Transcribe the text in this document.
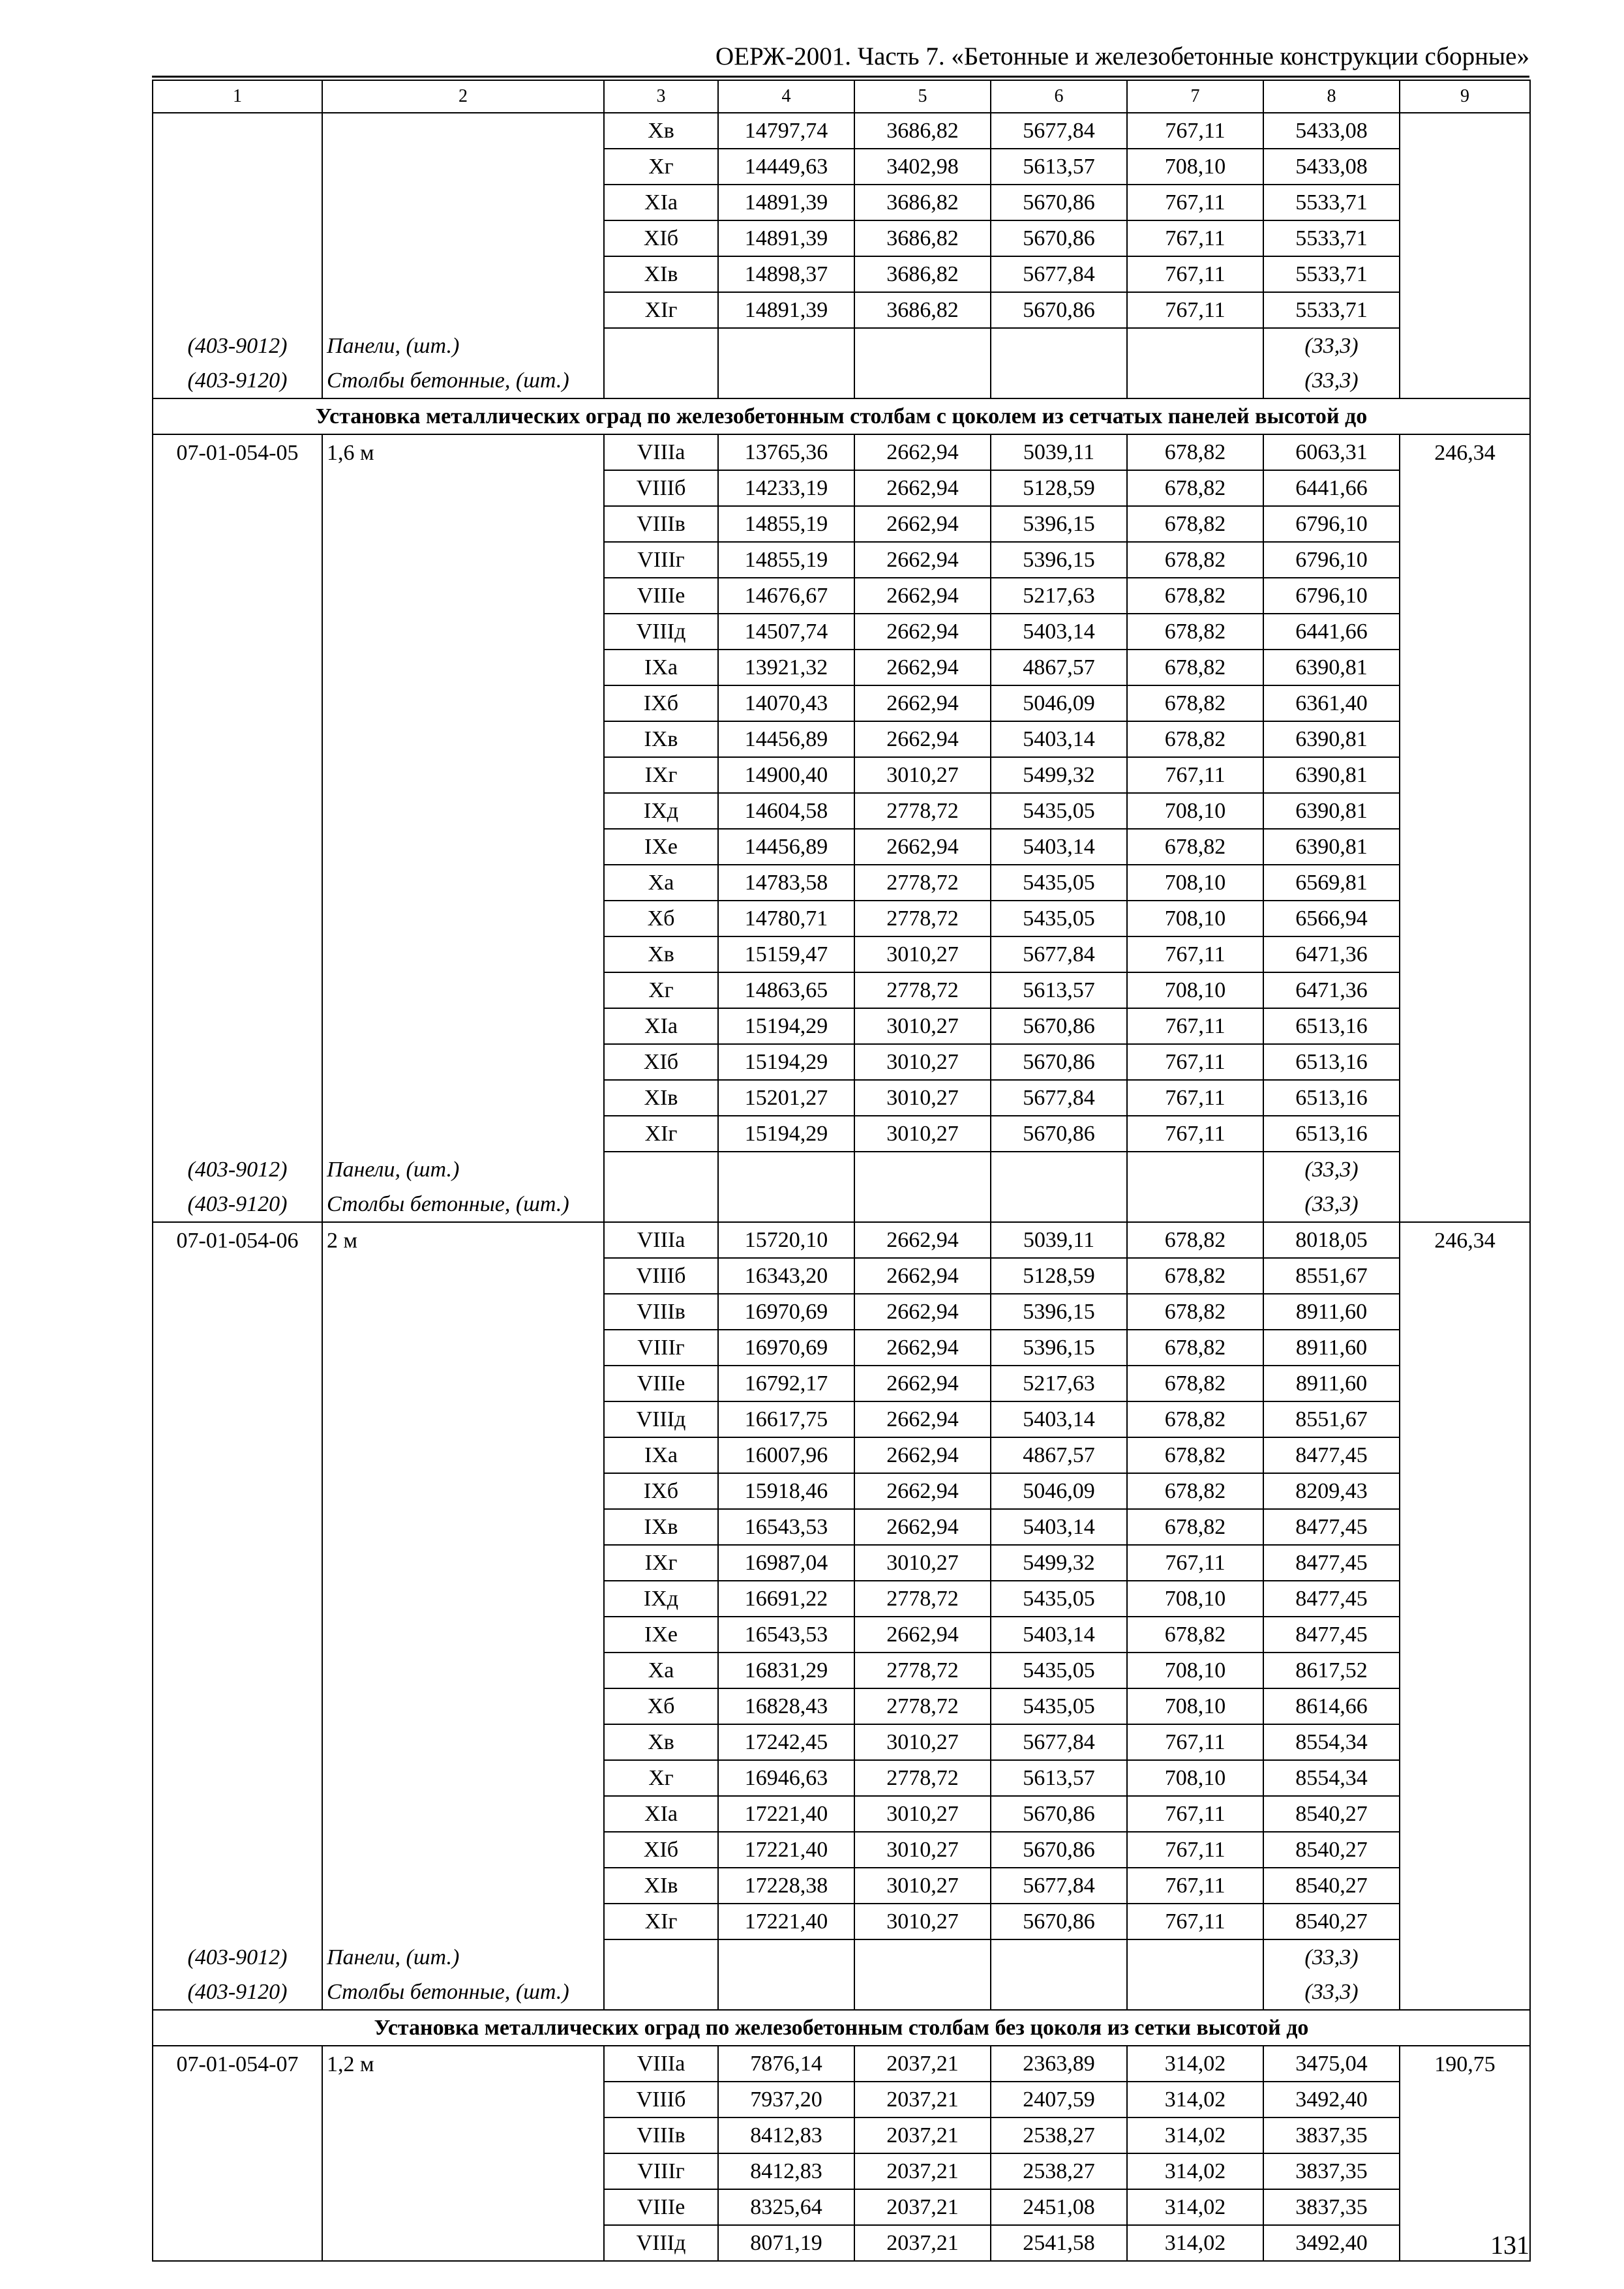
ОЕРЖ-2001. Часть 7. «Бетонные и железобетонные конструкции сборные»
1	2	3	4	5	6	7	8	9
		Хв	14797,74	3686,82	5677,84	767,11	5433,08	
		Хг	14449,63	3402,98	5613,57	708,10	5433,08	
		ХIа	14891,39	3686,82	5670,86	767,11	5533,71	
		ХIб	14891,39	3686,82	5670,86	767,11	5533,71	
		ХIв	14898,37	3686,82	5677,84	767,11	5533,71	
		ХIг	14891,39	3686,82	5670,86	767,11	5533,71	
(403-9012)	Панели, (шт.)						(33,3)	
(403-9120)	Столбы бетонные, (шт.)						(33,3)	
Установка металлических оград по железобетонным столбам с цоколем из сетчатых панелей высотой до								
07-01-054-05	1,6 м	VIIIа	13765,36	2662,94	5039,11	678,82	6063,31	246,34
		VIIIб	14233,19	2662,94	5128,59	678,82	6441,66	
		VIIIв	14855,19	2662,94	5396,15	678,82	6796,10	
		VIIIг	14855,19	2662,94	5396,15	678,82	6796,10	
		VIIIе	14676,67	2662,94	5217,63	678,82	6796,10	
		VIIIд	14507,74	2662,94	5403,14	678,82	6441,66	
		IХа	13921,32	2662,94	4867,57	678,82	6390,81	
		IХб	14070,43	2662,94	5046,09	678,82	6361,40	
		IХв	14456,89	2662,94	5403,14	678,82	6390,81	
		IХг	14900,40	3010,27	5499,32	767,11	6390,81	
		IХд	14604,58	2778,72	5435,05	708,10	6390,81	
		IХе	14456,89	2662,94	5403,14	678,82	6390,81	
		Ха	14783,58	2778,72	5435,05	708,10	6569,81	
		Хб	14780,71	2778,72	5435,05	708,10	6566,94	
		Хв	15159,47	3010,27	5677,84	767,11	6471,36	
		Хг	14863,65	2778,72	5613,57	708,10	6471,36	
		ХIа	15194,29	3010,27	5670,86	767,11	6513,16	
		ХIб	15194,29	3010,27	5670,86	767,11	6513,16	
		ХIв	15201,27	3010,27	5677,84	767,11	6513,16	
		ХIг	15194,29	3010,27	5670,86	767,11	6513,16	
(403-9012)	Панели, (шт.)						(33,3)	
(403-9120)	Столбы бетонные, (шт.)						(33,3)	
07-01-054-06	2 м	VIIIа	15720,10	2662,94	5039,11	678,82	8018,05	246,34
		VIIIб	16343,20	2662,94	5128,59	678,82	8551,67	
		VIIIв	16970,69	2662,94	5396,15	678,82	8911,60	
		VIIIг	16970,69	2662,94	5396,15	678,82	8911,60	
		VIIIе	16792,17	2662,94	5217,63	678,82	8911,60	
		VIIIд	16617,75	2662,94	5403,14	678,82	8551,67	
		IХа	16007,96	2662,94	4867,57	678,82	8477,45	
		IХб	15918,46	2662,94	5046,09	678,82	8209,43	
		IХв	16543,53	2662,94	5403,14	678,82	8477,45	
		IХг	16987,04	3010,27	5499,32	767,11	8477,45	
		IХд	16691,22	2778,72	5435,05	708,10	8477,45	
		IХе	16543,53	2662,94	5403,14	678,82	8477,45	
		Ха	16831,29	2778,72	5435,05	708,10	8617,52	
		Хб	16828,43	2778,72	5435,05	708,10	8614,66	
		Хв	17242,45	3010,27	5677,84	767,11	8554,34	
		Хг	16946,63	2778,72	5613,57	708,10	8554,34	
		ХIа	17221,40	3010,27	5670,86	767,11	8540,27	
		ХIб	17221,40	3010,27	5670,86	767,11	8540,27	
		ХIв	17228,38	3010,27	5677,84	767,11	8540,27	
		ХIг	17221,40	3010,27	5670,86	767,11	8540,27	
(403-9012)	Панели, (шт.)						(33,3)	
(403-9120)	Столбы бетонные, (шт.)						(33,3)	
Установка металлических оград по железобетонным столбам без цоколя из сетки высотой до								
07-01-054-07	1,2 м	VIIIа	7876,14	2037,21	2363,89	314,02	3475,04	190,75
		VIIIб	7937,20	2037,21	2407,59	314,02	3492,40	
		VIIIв	8412,83	2037,21	2538,27	314,02	3837,35	
		VIIIг	8412,83	2037,21	2538,27	314,02	3837,35	
		VIIIе	8325,64	2037,21	2451,08	314,02	3837,35	
		VIIIд	8071,19	2037,21	2541,58	314,02	3492,40		131
